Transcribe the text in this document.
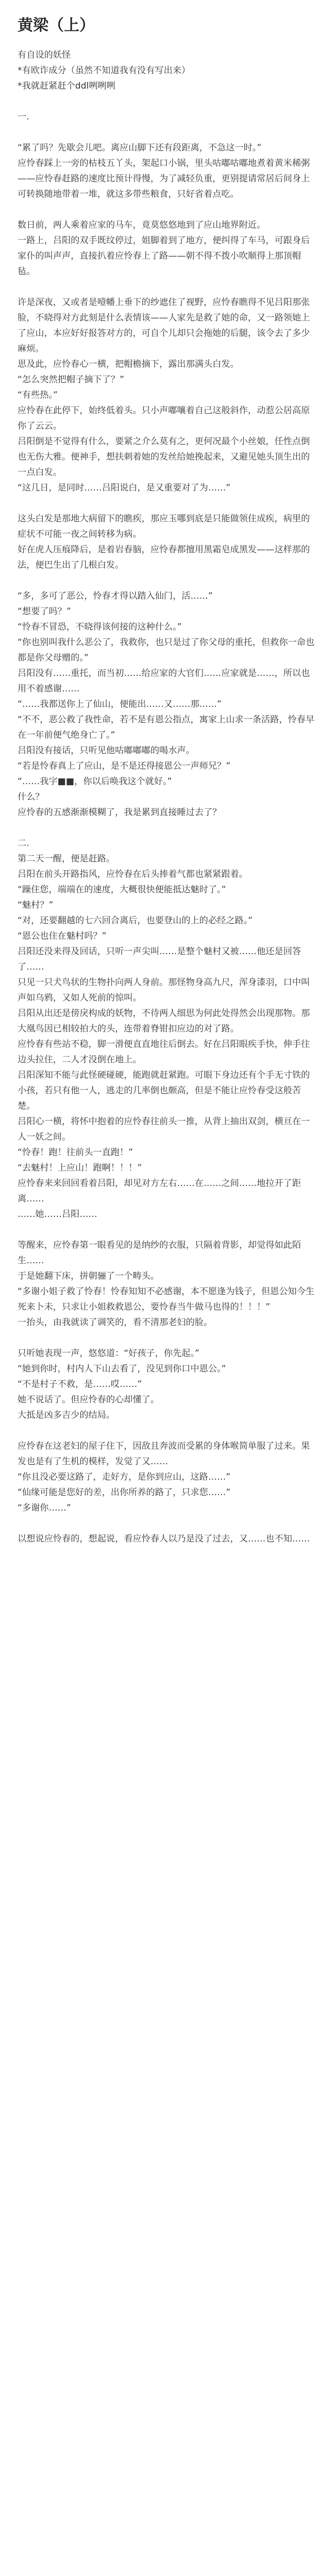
黄梁（上）

有自设的妖怪

*有欧诈成分（虽然不知道我有没有写出来）

*我就赶紧赶个ddl咧咧咧

一.

“累了吗？先歇会儿吧。离应山脚下还有段距离，不急这一时。”

应怜春踩上一旁的枯枝五丫头，架起口小锅，里头咕嘟咕嘟地煮着黄米稀粥——应怜春赶路的速度比预计得慢，为了减轻负重，更别提请常居后间身上可转换随地带着一堆，就这多带些粮食，只好省着点吃。

数日前，两人乘着应家的马车，竟莫悠悠地到了应山地界附近。

一路上，吕阳的双手既纹停过，姐脚着到了地方，便纠得了车马，可跟身后家仆的叫声声，直接扒着应怜春上了路——朝不得不拨小吹顺得上那顶帽毡。

许是深夜，又或者是噎幡上垂下的纱遮住了视野，应怜春瞧得不见吕阳那张脸，不晓得对方此刻是什么表情该——人家先是救了她的命，又一路领她上了应山，本应好好报答对方的，可自个儿却只会拖她的后腿，该令去了多少麻烦。

思及此，应怜春心一横，把帽檐摘下，露出那满头白发。

“怎么突然把帽子摘下了？”

“有些热。”

应怜春在此停下，始终低着头。只小声嘟嚷着自己这般斜作，动惹公居高原你了云云。

吕阳倒是不觉得有什么，要紧之介么莫有之，更何况最个小丝娘，任性点倒也无伤大雅。便神手，想扶刺着她的发丝给她挽起来，又避见她头顶生出的一点白发。

“这几日，是同时……吕阳说白，是又重要对了为……”

这头白发是那地大病留下的瞧疾，那应玉哪到底是只能做领住成疾，病里的症状不可能一夜之间转移为病。

好在虎人压痕降后，是着岩春脑，应怜春都擅用黑霜皂成黑发——这样那的法，便巴生出了几根白发。

“多，多可了恶公，怜春才得以踏入仙门，活……”

“想要了吗？”

“怜春不冒恐，不晓得该何接的这种什么。”

“你也别叫我什么恶公了，我救你，也只是过了你父母的重托，但救你一命也都是你父母赠的。”

吕阳没有……重托，而当初……给应家的大官们……应家就是……，所以也用不着感谢……

“……我都送你上了仙山，便能出……又……那……”

“不不，恶公救了我性命，若不是有恩公指点，寓家上山求一条活路，怜春早在一年前便气绝身亡了。”

吕阳没有接话，只听见他咕嘟嘟嘟的喝水声。

“若是怜春真上了应山，是不是还得接恩公一声师兄？”

“……我字■■，你以后唤我这个就好。”

什么？

应怜春的五感渐渐模糊了，我是累到直接睡过去了？

二.

第二天一醒，便是赶路。

吕阳在前头开路指风，应怜春在后头捧着气都也紧紧跟着。

“躁住您，端端在的速度，大概很快便能抵达魅时了。”

“魅村？”

“对，还要翻越的七六回合离后，也要登山的上的必经之路。”

“恩公也住在魅村吗？”

吕阳还没来得及回话，只听一声尖叫……是整个魅村又被……他还是回答了……

只见一只犬鸟状的生物扑向两人身前。那怪物身高九尺，浑身漆羽，口中叫声如乌鸦，又如人死前的惊叫。

吕阳从出还是傍戾构成的妖物，不待两人细思为何此处得然会出现那物。那大凰鸟因已相较拍大的头，连带着脊钳扣应边的对了路。

应怜春有些站不稳，脚一滑便直直地往后倒去。好在吕阳眼疾手快，伸手往边头拉住，二人才没倒在地上。

吕阳深知不能与此怪硬碰硬，能跑就赶紧跑。可眼下身边还有个手无寸铁的小孩，若只有他一人，逃走的几率倒也颇高，但是不能让应怜春受这般苦楚。

吕阳心一横，将怀中抱着的应怜春往前头一推，从背上抽出双剑，横亘在一人一妖之间。

“怜春！跑！往前头一直跑！”

“去魅村！上应山！跑啊！！！”

应怜春来来回回看着吕阳，却见对方左右……在……之间……地拉开了距离……

……她……吕阳……

等醒来，应怜春第一眼看见的是纳纱的衣服，只隔着背影，却觉得如此陌生……

于是她翻下床，拼朝骊了一个畴头。

“多谢小姐子救了怜春！怜春知知不必感谢，本不愿逢为钱子，但恩公知今生死来卜未，只求让小姐救救恩公，要怜春当牛做马也得的！！！”

一抬头，由我就读了调笑的，看不清那老妇的脸。

只听她表现一声，悠悠道：“好孩子，你先起。”

“她到你时，村内人下山去看了，没见到你口中恩公。”

“不是村子不救，是……哎……”

她不说话了。但应怜春的心却懂了。

大抵是凶多吉少的结局。

应怜春在这老妇的屋子住下，因敌且奔波而受累的身体喉简单服了过来。果发也是有了生机的模样，发觉了又……

“你且没必要这路了，走好方，是你到应山，这路……”

“仙缘可能是您好的差，出你所养的路了，只求您……”

“多谢你……”

以想说应怜春的，想起说，看应怜春人以乃是没了过去，又……也不知……
